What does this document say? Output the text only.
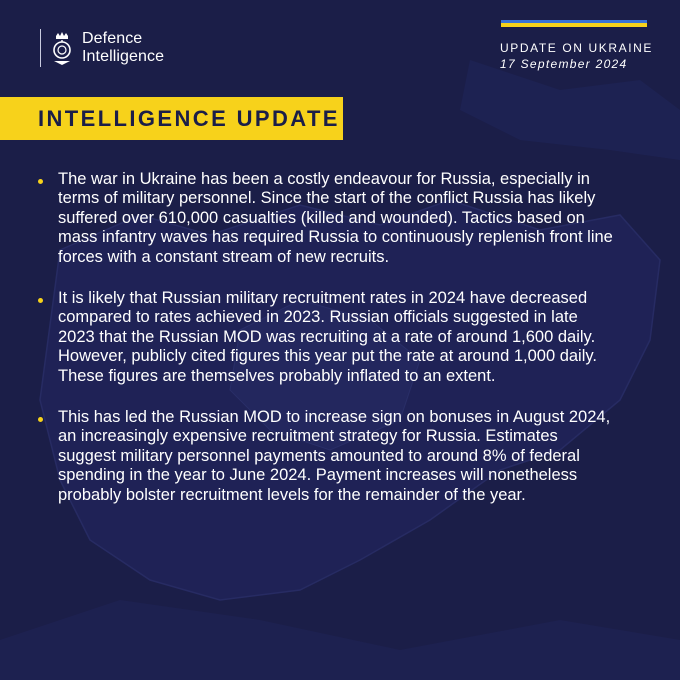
Defence
Intelligence	UPDATE ON UKRAINE
17 September 2024
INTELLIGENCE UPDATE
The war in Ukraine has been a costly endeavour for Russia, especially in terms of military personnel. Since the start of the conflict Russia has likely suffered over 610,000 casualties (killed and wounded). Tactics based on mass infantry waves has required Russia to continuously replenish front line forces with a constant stream of new recruits.
It is likely that Russian military recruitment rates in 2024 have decreased compared to rates achieved in 2023. Russian officials suggested in late 2023 that the Russian MOD was recruiting at a rate of around 1,600 daily. However, publicly cited figures this year put the rate at around 1,000 daily. These figures are themselves probably inflated to an extent.
This has led the Russian MOD to increase sign on bonuses in August 2024, an increasingly expensive recruitment strategy for Russia. Estimates suggest military personnel payments amounted to around 8% of federal spending in the year to June 2024. Payment increases will nonetheless probably bolster recruitment levels for the remainder of the year.
